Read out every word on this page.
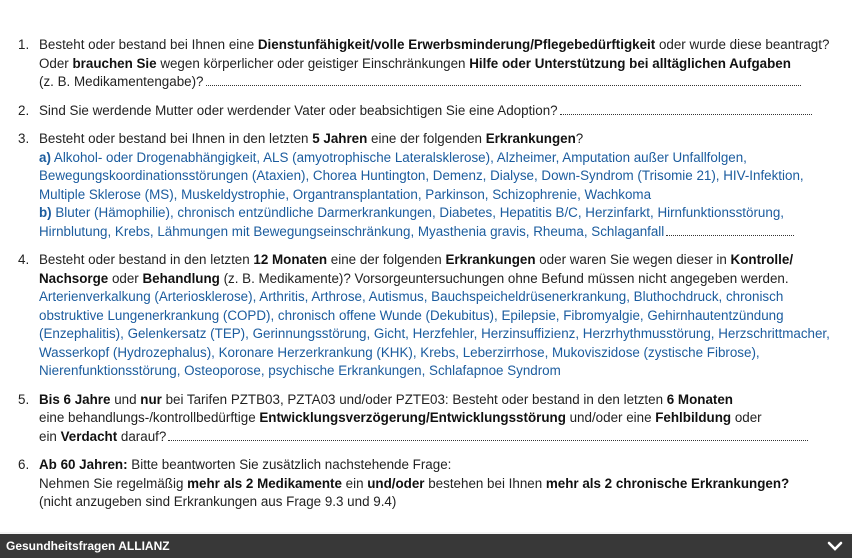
1. Besteht oder bestand bei Ihnen eine Dienstunfähigkeit/volle Erwerbsminderung/Pflegebedürftigkeit oder wurde diese beantragt?
Oder brauchen Sie wegen körperlicher oder geistiger Einschränkungen Hilfe oder Unterstützung bei alltäglichen Aufgaben
(z. B. Medikamentengabe)?
2. Sind Sie werdende Mutter oder werdender Vater oder beabsichtigen Sie eine Adoption?
3. Besteht oder bestand bei Ihnen in den letzten 5 Jahren eine der folgenden Erkrankungen?
a) Alkohol- oder Drogenabhängigkeit, ALS (amyotrophische Lateralsklerose), Alzheimer, Amputation außer Unfallfolgen, Bewegungskoordinationsstörungen (Ataxien), Chorea Huntington, Demenz, Dialyse, Down-Syndrom (Trisomie 21), HIV-Infektion, Multiple Sklerose (MS), Muskeldystrophie, Organtransplantation, Parkinson, Schizophrenie, Wachkoma
b) Bluter (Hämophilie), chronisch entzündliche Darmerkrankungen, Diabetes, Hepatitis B/C, Herzinfarkt, Hirnfunktionsstörung, Hirnblutung, Krebs, Lähmungen mit Bewegungseinschränkung, Myasthenia gravis, Rheuma, Schlaganfall
4. Besteht oder bestand in den letzten 12 Monaten eine der folgenden Erkrankungen oder waren Sie wegen dieser in Kontrolle/ Nachsorge oder Behandlung (z. B. Medikamente)? Vorsorgeuntersuchungen ohne Befund müssen nicht angegeben werden.
Arterienverkalkung (Arteriosklerose), Arthritis, Arthrose, Autismus, Bauchspeicheldrüsenerkrankung, Bluthochdruck, chronisch obstruktive Lungenerkrankung (COPD), chronisch offene Wunde (Dekubitus), Epilepsie, Fibromyalgie, Gehirnhautentzündung (Enzephalitis), Gelenkersatz (TEP), Gerinnungsstörung, Gicht, Herzfehler, Herzinsuffizienz, Herzrhythmusstörung, Herzschrittmacher, Wasserkopf (Hydrozephalus), Koronare Herzerkrankung (KHK), Krebs, Leberzirrhose, Mukoviszidose (zystische Fibrose), Nierenfunktionsstörung, Osteoporose, psychische Erkrankungen, Schlafapnoe Syndrom
5. Bis 6 Jahre und nur bei Tarifen PZTB03, PZTA03 und/oder PZTE03: Besteht oder bestand in den letzten 6 Monaten
eine behandlungs-/kontrollbedürftige Entwicklungsverzögerung/Entwicklungsstörung und/oder eine Fehlbildung oder
ein Verdacht darauf?
6. Ab 60 Jahren: Bitte beantworten Sie zusätzlich nachstehende Frage:
Nehmen Sie regelmäßig mehr als 2 Medikamente ein und/oder bestehen bei Ihnen mehr als 2 chronische Erkrankungen?
(nicht anzugeben sind Erkrankungen aus Frage 9.3 und 9.4)
Gesundheitsfragen ALLIANZ
